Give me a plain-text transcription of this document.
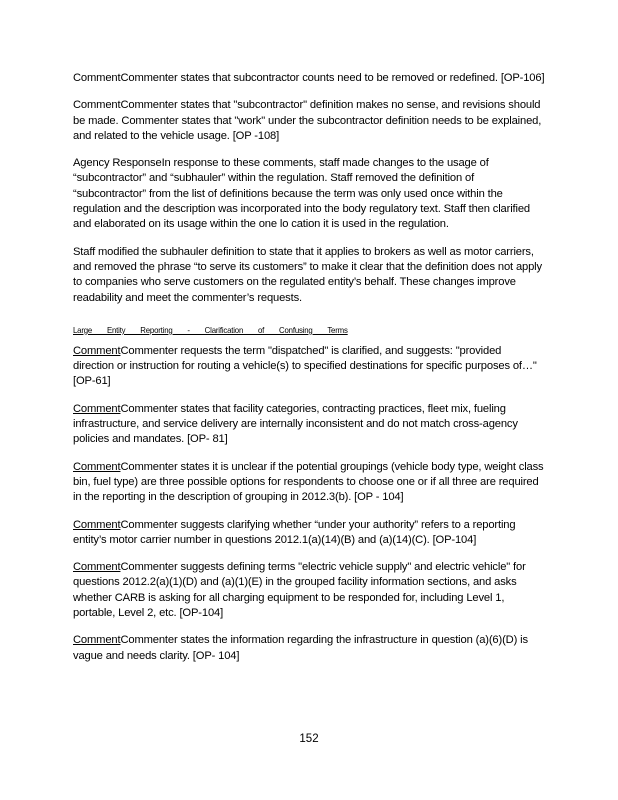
CommentCommenter states that subcontractor counts need to be removed or redefined. [OP-106]

CommentCommenter states that "subcontractor" definition makes no sense, and revisions should be made. Commenter states that "work" under the subcontractor definition needs to be explained, and related to the vehicle usage. [OP -108]

Agency ResponseIn response to these comments, staff made changes to the usage of “subcontractor” and “subhauler” within the regulation. Staff removed the definition of “subcontractor” from the list of definitions because the term was only used once within the regulation and the description was incorporated into the body regulatory text. Staff then clarified and elaborated on its usage within the one lo cation it is used in the regulation.

Staff modified the subhauler definition to state that it applies to brokers as well as motor carriers, and removed the phrase “to serve its customers” to make it clear that the definition does not apply to companies who serve customers on the regulated entity’s behalf. These changes improve readability and meet the commenter’s requests.

Large Entity Reporting - Clarification of Confusing Terms

CommentCommenter requests the term "dispatched" is clarified, and suggests: "provided direction or instruction for routing a vehicle(s) to specified destinations for specific purposes of…" [OP-61]

CommentCommenter states that facility categories, contracting practices, fleet mix, fueling infrastructure, and service delivery are internally inconsistent and do not match cross-agency policies and mandates. [OP- 81]

CommentCommenter states it is unclear if the potential groupings (vehicle body type, weight class bin, fuel type) are three possible options for respondents to choose one or if all three are required in the reporting in the description of grouping in 2012.3(b). [OP - 104]

CommentCommenter suggests clarifying whether “under your authority” refers to a reporting entity’s motor carrier number in questions 2012.1(a)(14)(B) and (a)(14)(C). [OP-104]

CommentCommenter suggests defining terms "electric vehicle supply" and electric vehicle" for questions 2012.2(a)(1)(D) and (a)(1)(E) in the grouped facility information sections, and asks whether CARB is asking for all charging equipment to be responded for, including Level 1, portable, Level 2, etc. [OP-104]

CommentCommenter states the information regarding the infrastructure in question (a)(6)(D) is vague and needs clarity. [OP- 104]

152
